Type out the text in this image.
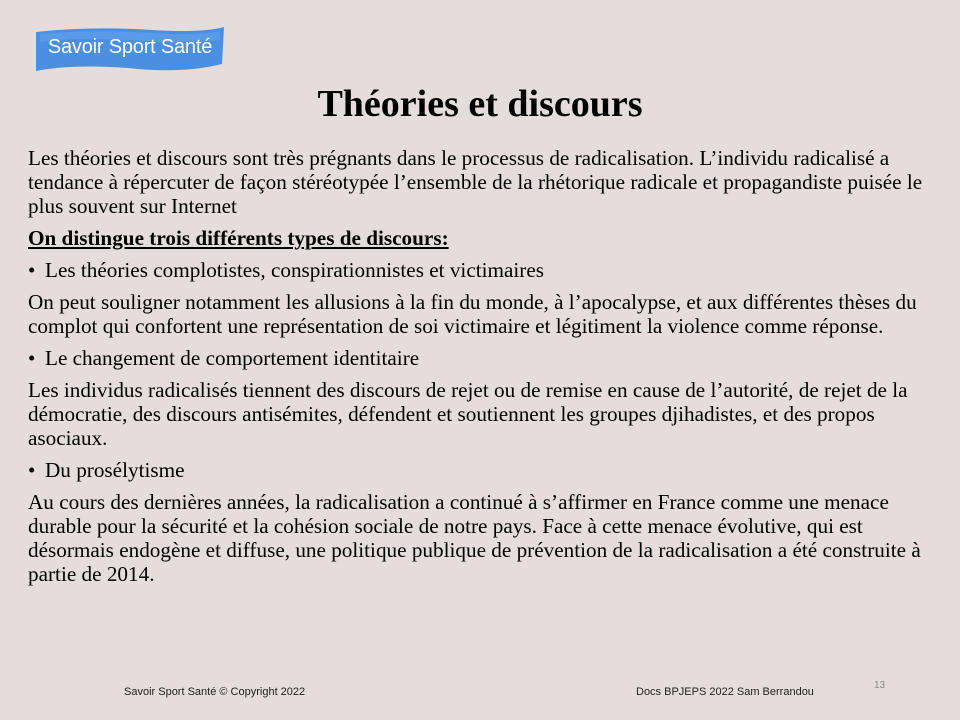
Savoir Sport Santé
Théories et discours

Les théories et discours sont très prégnants dans le processus de radicalisation. L’individu radicalisé a tendance à répercuter de façon stéréotypée l’ensemble de la rhétorique radicale et propagandiste puisée le plus souvent sur Internet

On distingue trois différents types de discours:

• Les théories complotistes, conspirationnistes et victimaires

On peut souligner notamment les allusions à la fin du monde, à l’apocalypse, et aux différentes thèses du complot qui confortent une représentation de soi victimaire et légitiment la violence comme réponse.

• Le changement de comportement identitaire

Les individus radicalisés tiennent des discours de rejet ou de remise en cause de l’autorité, de rejet de la démocratie, des discours antisémites, défendent et soutiennent les groupes djihadistes, et des propos asociaux.

• Du prosélytisme

Au cours des dernières années, la radicalisation a continué à s’affirmer en France comme une menace durable pour la sécurité et la cohésion sociale de notre pays. Face à cette menace évolutive, qui est désormais endogène et diffuse, une politique publique de prévention de la radicalisation a été construite à partie de 2014.

Savoir Sport Santé © Copyright 2022	Docs BPJEPS 2022 Sam Berrandou
13
